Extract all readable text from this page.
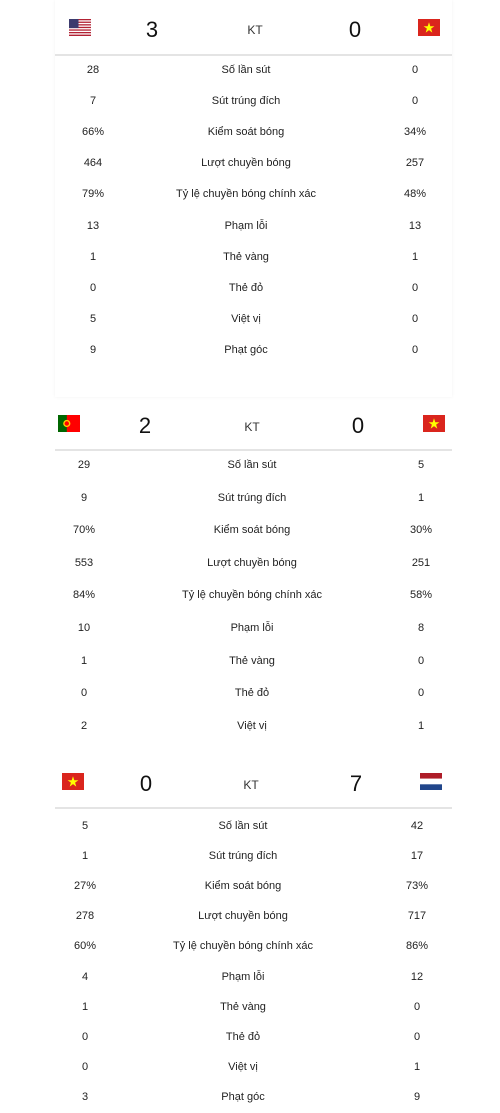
3	KT	0
28	Số lần sút	0
7	Sút trúng đích	0
66%	Kiểm soát bóng	34%
464	Lượt chuyền bóng	257
79%	Tỷ lệ chuyền bóng chính xác	48%
13	Phạm lỗi	13
1	Thẻ vàng	1
0	Thẻ đỏ	0
5	Việt vị	0
9	Phạt góc	0
2	KT	0
29	Số lần sút	5
9	Sút trúng đích	1
70%	Kiểm soát bóng	30%
553	Lượt chuyền bóng	251
84%	Tỷ lệ chuyền bóng chính xác	58%
10	Phạm lỗi	8
1	Thẻ vàng	0
0	Thẻ đỏ	0
2	Việt vị	1
0	KT	7
5	Số lần sút	42
1	Sút trúng đích	17
27%	Kiểm soát bóng	73%
278	Lượt chuyền bóng	717
60%	Tỷ lệ chuyền bóng chính xác	86%
4	Phạm lỗi	12
1	Thẻ vàng	0
0	Thẻ đỏ	0
0	Việt vị	1
3	Phạt góc	9
